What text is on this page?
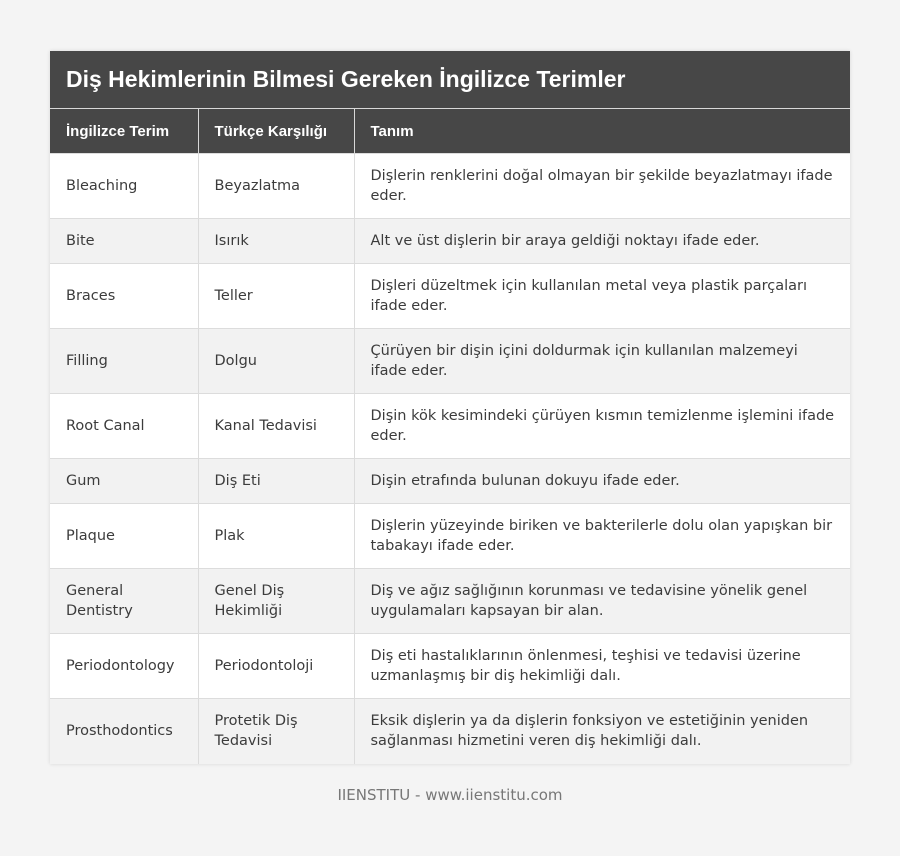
Diş Hekimlerinin Bilmesi Gereken İngilizce Terimler
İngilizce Terim	Türkçe Karşılığı	Tanım
Bleaching	Beyazlatma	Dişlerin renklerini doğal olmayan bir şekilde beyazlatmayı ifade eder.
Bite	Isırık	Alt ve üst dişlerin bir araya geldiği noktayı ifade eder.
Braces	Teller	Dişleri düzeltmek için kullanılan metal veya plastik parçaları ifade eder.
Filling	Dolgu	Çürüyen bir dişin içini doldurmak için kullanılan malzemeyi ifade eder.
Root Canal	Kanal Tedavisi	Dişin kök kesimindeki çürüyen kısmın temizlenme işlemini ifade eder.
Gum	Diş Eti	Dişin etrafında bulunan dokuyu ifade eder.
Plaque	Plak	Dişlerin yüzeyinde biriken ve bakterilerle dolu olan yapışkan bir tabakayı ifade eder.
General Dentistry	Genel Diş Hekimliği	Diş ve ağız sağlığının korunması ve tedavisine yönelik genel uygulamaları kapsayan bir alan.
Periodontology	Periodontoloji	Diş eti hastalıklarının önlenmesi, teşhisi ve tedavisi üzerine uzmanlaşmış bir diş hekimliği dalı.
Prosthodontics	Protetik Diş Tedavisi	Eksik dişlerin ya da dişlerin fonksiyon ve estetiğinin yeniden sağlanması hizmetini veren diş hekimliği dalı.
IIENSTITU - www.iienstitu.com
